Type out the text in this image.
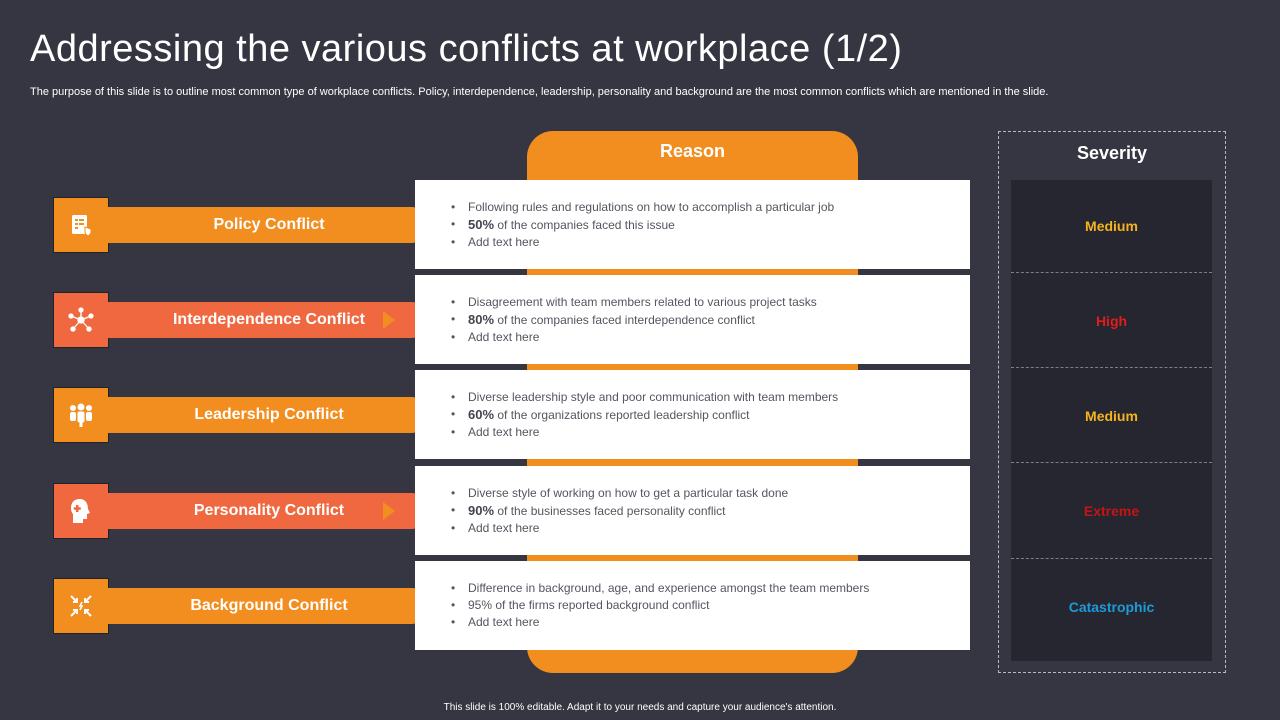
Addressing the various conflicts at workplace (1/2)
The purpose of this slide is to outline most common type of workplace conflicts. Policy, interdependence, leadership, personality and background are the most common conflicts which are mentioned in the slide.
Reason	Severity
Policy Conflict
Interdependence Conflict
Leadership Conflict
Personality Conflict
Background Conflict
• Following rules and regulations on how to accomplish a particular job
• 50% of the companies faced this issue
• Add text here
• Disagreement with team members related to various project tasks
• 80% of the companies faced interdependence conflict
• Add text here
• Diverse leadership style and poor communication with team members
• 60% of the organizations reported leadership conflict
• Add text here
• Diverse style of working on how to get a particular task done
• 90% of the businesses faced personality conflict
• Add text here
• Difference in background, age, and experience amongst the team members
• 95% of the firms reported background conflict
• Add text here
Medium
High
Medium
Extreme
Catastrophic
This slide is 100% editable. Adapt it to your needs and capture your audience's attention.
